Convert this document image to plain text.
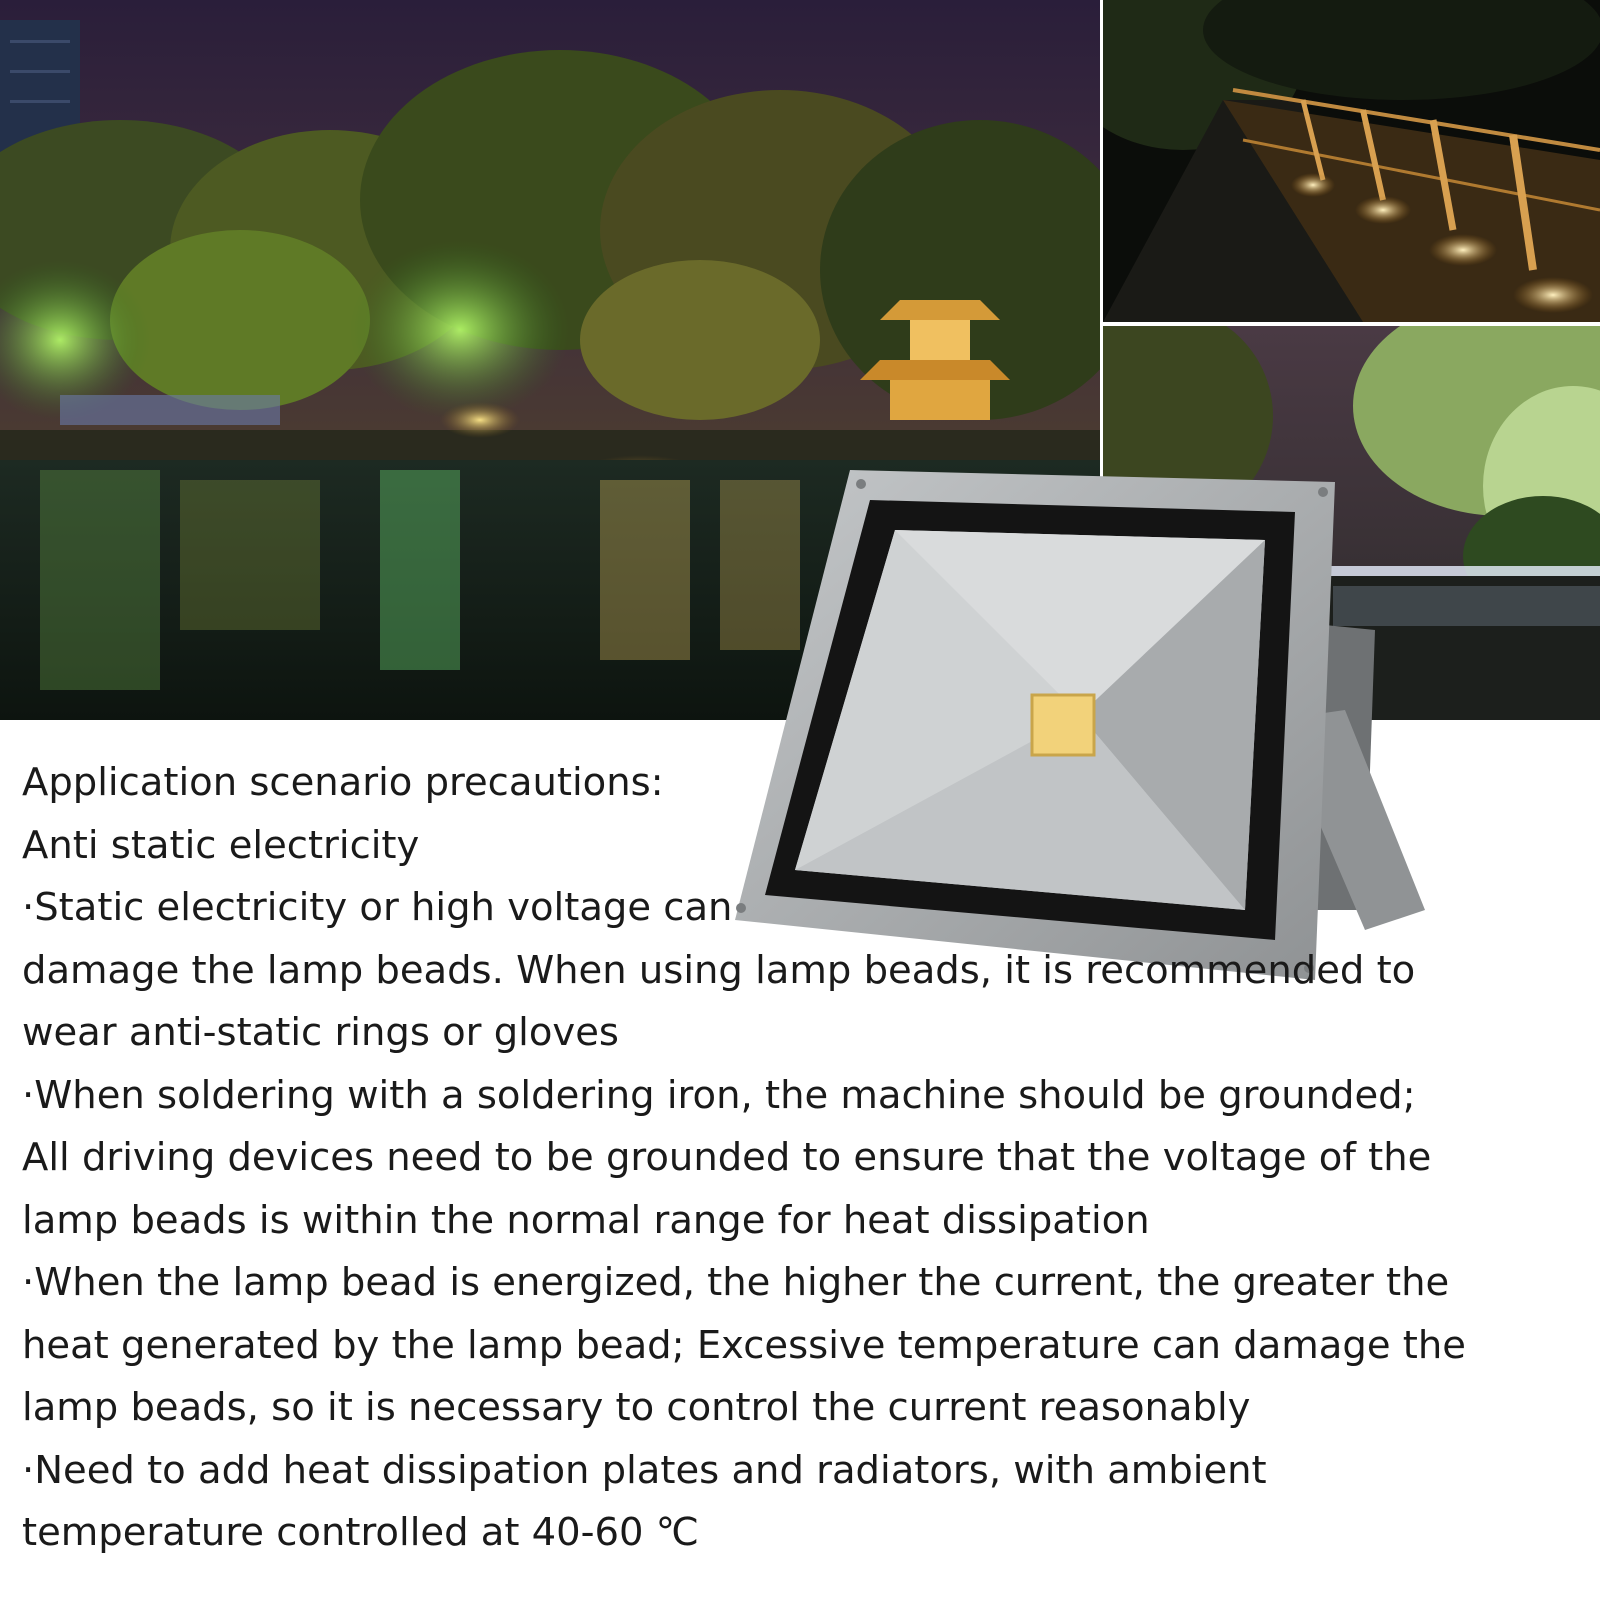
Application scenario precautions:
Anti static electricity
·Static electricity or high voltage can
damage the lamp beads. When using lamp beads, it is recommended to
wear anti-static rings or gloves
·When soldering with a soldering iron, the machine should be grounded;
All driving devices need to be grounded to ensure that the voltage of the
lamp beads is within the normal range for heat dissipation
·When the lamp bead is energized, the higher the current, the greater the
heat generated by the lamp bead; Excessive temperature can damage the
lamp beads, so it is necessary to control the current reasonably
·Need to add heat dissipation plates and radiators, with ambient
temperature controlled at 40-60 ℃
